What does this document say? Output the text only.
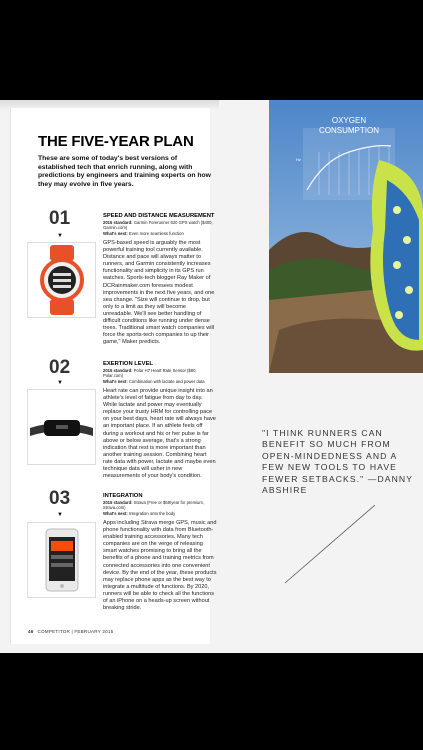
THE FIVE-YEAR PLAN
These are some of today's best versions of established tech that enrich running, along with predictions by engineers and training experts on how they may evolve in five years.
01
▼
SPEED AND DISTANCE MEASUREMENT
2015 standard: Garmin Forerunner 620 GPS watch ($400, Garmin.com)
What's next: Even more seamless function
GPS-based speed is arguably the most powerful training tool currently available. Distance and pace will always matter to runners, and Garmin consistently increases functionality and simplicity in its GPS run watches. Sports-tech blogger Ray Maker of DCRainmaker.com foresees modest improvements in the next five years, and one sea change. "Size will continue to drop, but only to a limit as they will become unreadable. We'll see better handling of difficult conditions like running under dense trees. Traditional smart watch companies will force the sports-tech companies to up their game," Maker predicts.
02
▼
EXERTION LEVEL
2015 standard: Polar H7 Heart Rate Sensor ($80, Polar.com)
What's next: Combination with lactate and power data
Heart rate can provide unique insight into an athlete's level of fatigue from day to day. While lactate and power may eventually replace your trusty HRM for controlling pace on your best days, heart rate will always have an important place. If an athlete feels off during a workout and his or her pulse is far above or below average, that's a strong indication that rest is more important than another training session. Combining heart rate data with power, lactate and maybe even technique data will usher in new measurements of your body's condition.
03
▼
INTEGRATION
2015 standard: Strava (Free or $59/year for premium, Strava.com)
What's next: Integration onto the body
Apps including Strava merge GPS, music and phone functionality with data from Bluetooth-enabled training accessories. Many tech companies are on the verge of releasing smart watches promising to bring all the benefits of a phone and training metrics from connected accessories into one convenient device. By the end of the year, these products may replace phone apps as the best way to integrate a multitude of functions. By 2020, runners will be able to check all the functions of an iPhone on a heads-up screen without breaking stride.
46 COMPETITOR | FEBRUARY 2015
OXYGEN
CONSUMPTION
Hz
"I THINK RUNNERS CAN BENEFIT SO MUCH FROM OPEN-MINDEDNESS AND A FEW NEW TOOLS TO HAVE FEWER SETBACKS." —DANNY ABSHIRE
